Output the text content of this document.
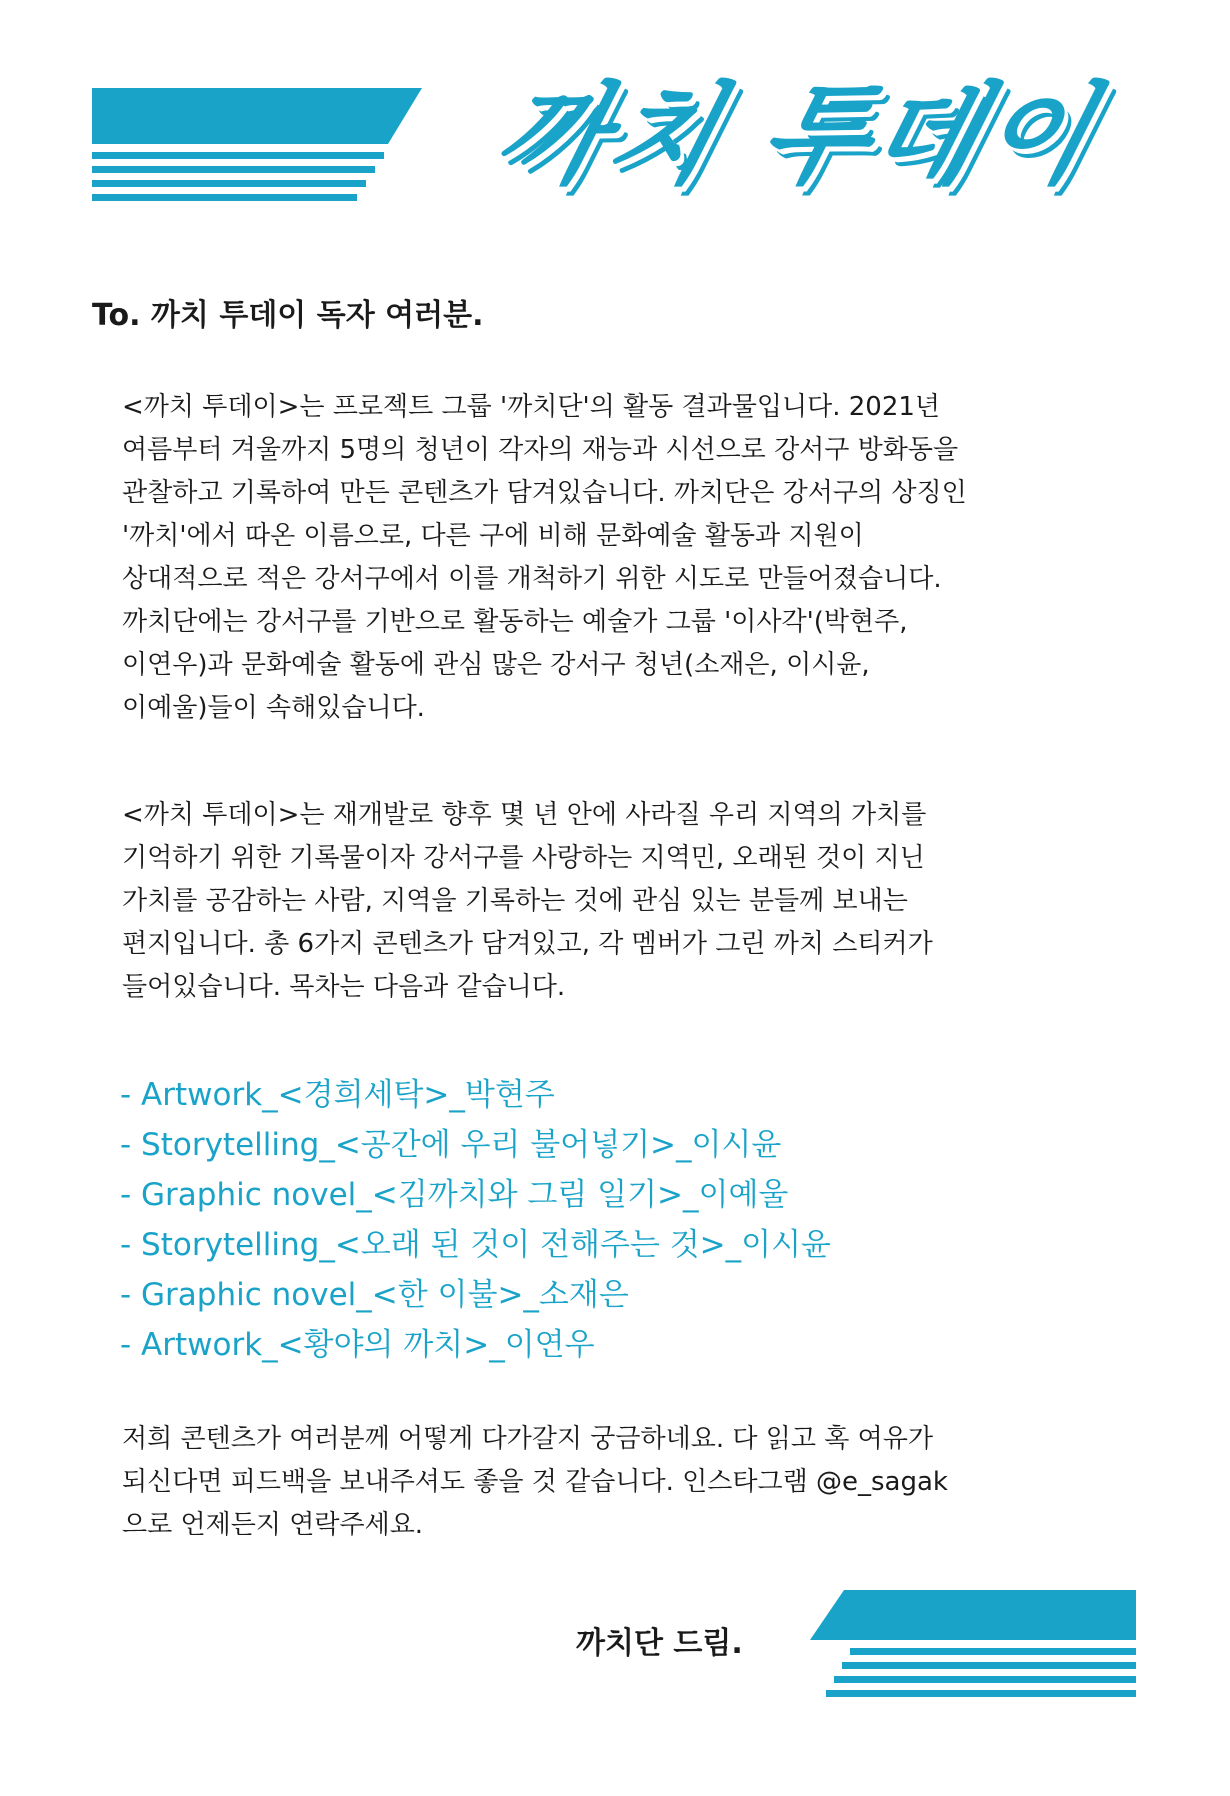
까치 투데이

To. 까치 투데이 독자 여러분.

<까치 투데이>는 프로젝트 그룹 '까치단'의 활동 결과물입니다. 2021년
여름부터 겨울까지 5명의 청년이 각자의 재능과 시선으로 강서구 방화동을
관찰하고 기록하여 만든 콘텐츠가 담겨있습니다. 까치단은 강서구의 상징인
'까치'에서 따온 이름으로, 다른 구에 비해 문화예술 활동과 지원이
상대적으로 적은 강서구에서 이를 개척하기 위한 시도로 만들어졌습니다.
까치단에는 강서구를 기반으로 활동하는 예술가 그룹 '이사각'(박현주,
이연우)과 문화예술 활동에 관심 많은 강서구 청년(소재은, 이시윤,
이예울)들이 속해있습니다.
<까치 투데이>는 재개발로 향후 몇 년 안에 사라질 우리 지역의 가치를
기억하기 위한 기록물이자 강서구를 사랑하는 지역민, 오래된 것이 지닌
가치를 공감하는 사람, 지역을 기록하는 것에 관심 있는 분들께 보내는
편지입니다. 총 6가지 콘텐츠가 담겨있고, 각 멤버가 그린 까치 스티커가
들어있습니다. 목차는 다음과 같습니다.
- Artwork_<경희세탁>_박현주
- Storytelling_<공간에 우리 불어넣기>_이시윤
- Graphic novel_<김까치와 그림 일기>_이예울
- Storytelling_<오래 된 것이 전해주는 것>_이시윤
- Graphic novel_<한 이불>_소재은
- Artwork_<황야의 까치>_이연우
저희 콘텐츠가 여러분께 어떻게 다가갈지 궁금하네요. 다 읽고 혹 여유가
되신다면 피드백을 보내주셔도 좋을 것 같습니다. 인스타그램 @e_sagak
으로 언제든지 연락주세요.

까치단 드림.
